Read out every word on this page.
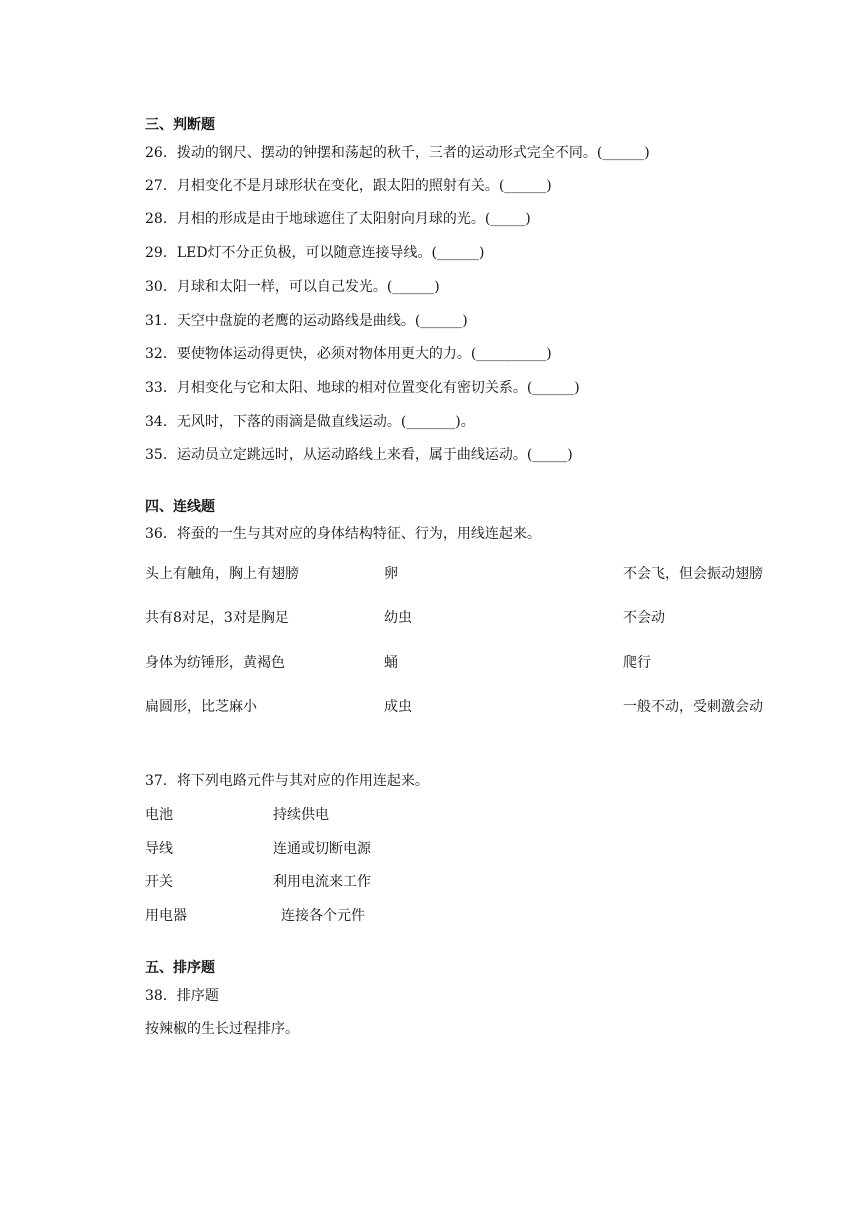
三、判断题
26．拨动的钢尺、摆动的钟摆和荡起的秋千，三者的运动形式完全不同。(______)
27．月相变化不是月球形状在变化，跟太阳的照射有关。(______)
28．月相的形成是由于地球遮住了太阳射向月球的光。(_____)
29．LED灯不分正负极，可以随意连接导线。(______)
30．月球和太阳一样，可以自己发光。(______)
31．天空中盘旋的老鹰的运动路线是曲线。(______)
32．要使物体运动得更快，必须对物体用更大的力。(__________)
33．月相变化与它和太阳、地球的相对位置变化有密切关系。(______)
34．无风时，下落的雨滴是做直线运动。(_______)。
35．运动员立定跳远时，从运动路线上来看，属于曲线运动。(_____)
四、连线题
36．将蚕的一生与其对应的身体结构特征、行为，用线连起来。
头上有触角，胸上有翅膀	卵	不会飞，但会振动翅膀
共有8对足，3对是胸足	幼虫	不会动
身体为纺锤形，黄褐色	蛹	爬行
扁圆形，比芝麻小	成虫	一般不动，受刺激会动
37．将下列电路元件与其对应的作用连起来。
电池	持续供电
导线	连通或切断电源
开关	利用电流来工作
用电器	连接各个元件
五、排序题
38．排序题
按辣椒的生长过程排序。
